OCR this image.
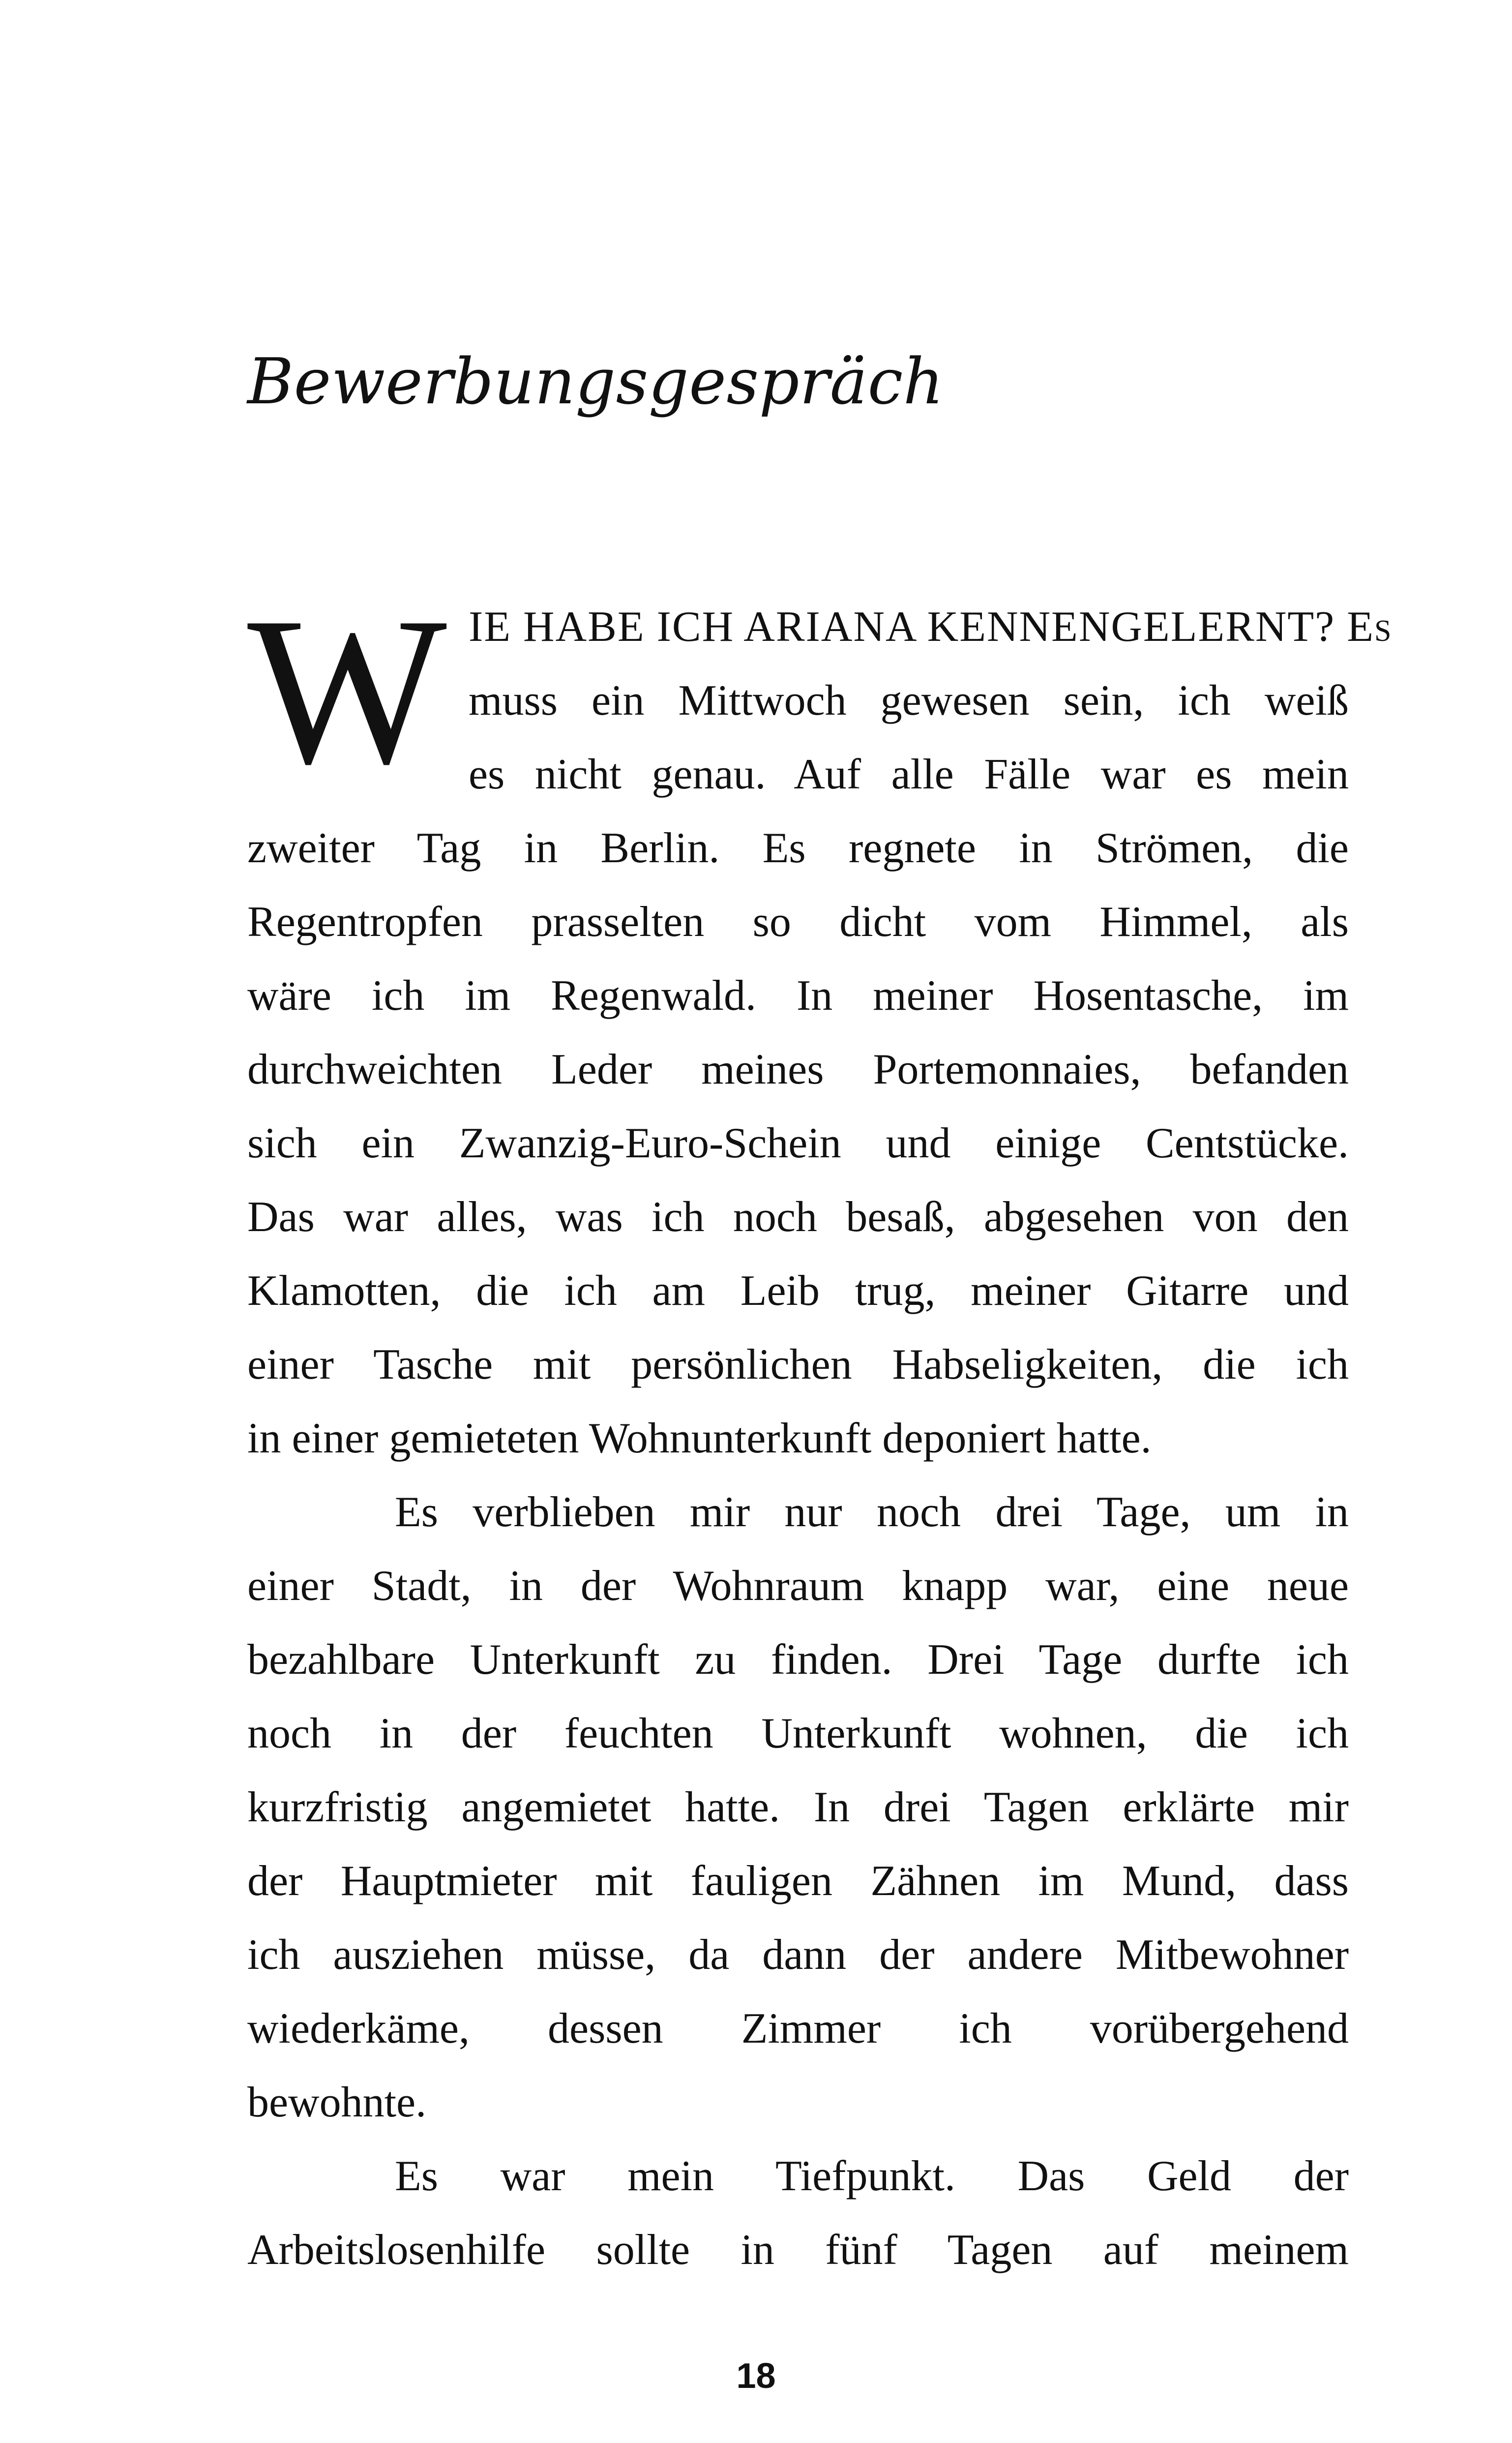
Bewerbungsgespräch
W IE HABE ICH ARIANA KENNENGELERNT? Es
muss ein Mittwoch gewesen sein, ich weiß
es nicht genau. Auf alle Fälle war es mein
zweiter Tag in Berlin. Es regnete in Strömen, die
Regentropfen prasselten so dicht vom Himmel, als
wäre ich im Regenwald. In meiner Hosentasche, im
durchweichten Leder meines Portemonnaies, befanden
sich ein Zwanzig-Euro-Schein und einige Centstücke.
Das war alles, was ich noch besaß, abgesehen von den
Klamotten, die ich am Leib trug, meiner Gitarre und
einer Tasche mit persönlichen Habseligkeiten, die ich
in einer gemieteten Wohnunterkunft deponiert hatte.
Es verblieben mir nur noch drei Tage, um in
einer Stadt, in der Wohnraum knapp war, eine neue
bezahlbare Unterkunft zu finden. Drei Tage durfte ich
noch in der feuchten Unterkunft wohnen, die ich
kurzfristig angemietet hatte. In drei Tagen erklärte mir
der Hauptmieter mit fauligen Zähnen im Mund, dass
ich ausziehen müsse, da dann der andere Mitbewohner
wiederkäme, dessen Zimmer ich vorübergehend
bewohnte.
Es war mein Tiefpunkt. Das Geld der
Arbeitslosenhilfe sollte in fünf Tagen auf meinem
18
